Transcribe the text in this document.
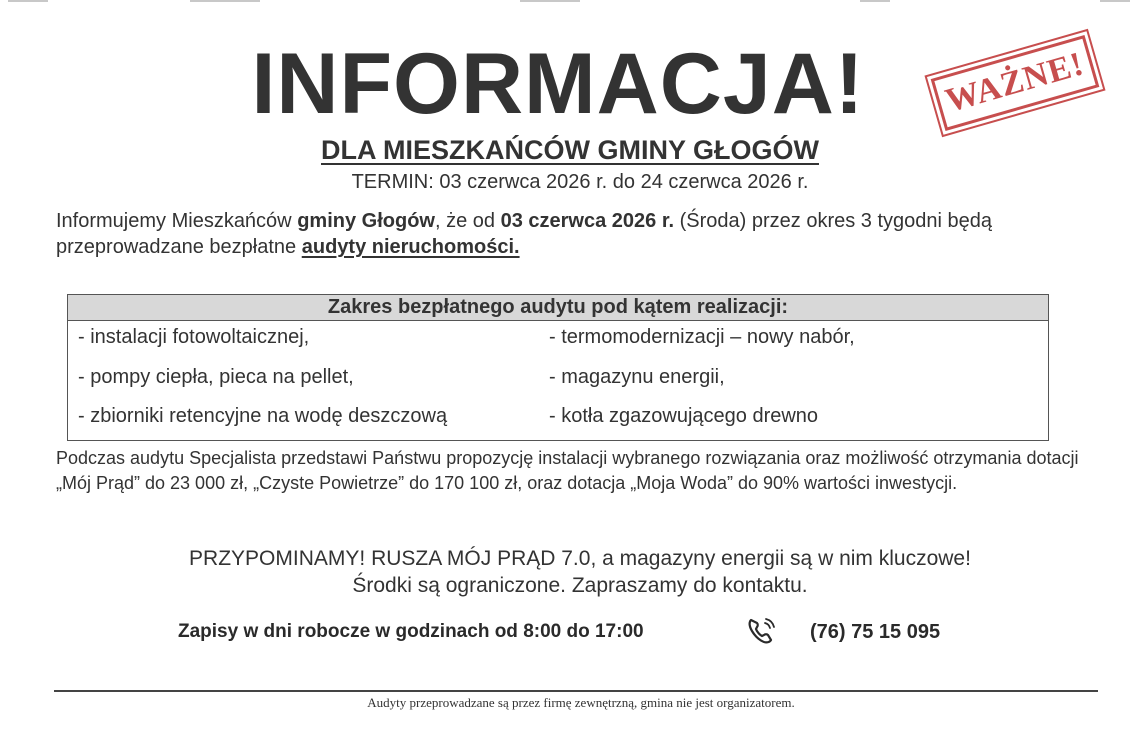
INFORMACJA!	WAŻNE!
DLA MIESZKAŃCÓW GMINY GŁOGÓW
TERMIN: 03 czerwca 2026 r. do 24 czerwca 2026 r.
Informujemy Mieszkańców gminy Głogów, że od 03 czerwca 2026 r. (Środa) przez okres 3 tygodni będą przeprowadzane bezpłatne audyty nieruchomości.
Zakres bezpłatnego audytu pod kątem realizacji:
- instalacji fotowoltaicznej,
- pompy ciepła, pieca na pellet,
- zbiorniki retencyjne na wodę deszczową
- termomodernizacji – nowy nabór,
- magazynu energii,
- kotła zgazowującego drewno
Podczas audytu Specjalista przedstawi Państwu propozycję instalacji wybranego rozwiązania oraz możliwość otrzymania dotacji „Mój Prąd” do 23 000 zł, „Czyste Powietrze” do 170 100 zł, oraz dotacja „Moja Woda” do 90% wartości inwestycji.
PRZYPOMINAMY! RUSZA MÓJ PRĄD 7.0, a magazyny energii są w nim kluczowe!
Środki są ograniczone. Zapraszamy do kontaktu.
Zapisy w dni robocze w godzinach od 8:00 do 17:00	(76) 75 15 095
Audyty przeprowadzane są przez firmę zewnętrzną, gmina nie jest organizatorem.
